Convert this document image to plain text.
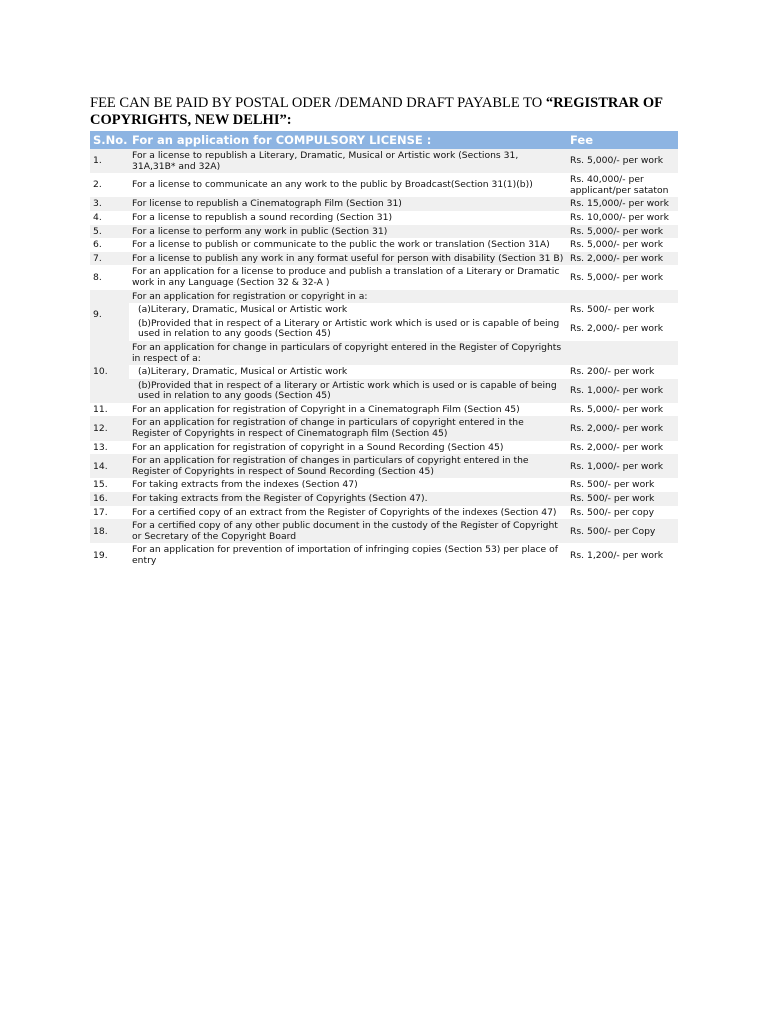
FEE CAN BE PAID BY POSTAL ODER /DEMAND DRAFT PAYABLE TO “REGISTRAR OF COPYRIGHTS, NEW DELHI”:

S.No.	For an application for COMPULSORY LICENSE :	Fee
1.	For a license to republish a Literary, Dramatic, Musical or Artistic work (Sections 31, 31A,31B* and 32A)	Rs. 5,000/- per work
2.	For a license to communicate an any work to the public by Broadcast(Section 31(1)(b))	Rs. 40,000/- per applicant/per sataton
3.	For license to republish a Cinematograph Film (Section 31)	Rs. 15,000/- per work
4.	For a license to republish a sound recording (Section 31)	Rs. 10,000/- per work
5.	For a license to perform any work in public (Section 31)	Rs. 5,000/- per work
6.	For a license to publish or communicate to the public the work or translation (Section 31A)	Rs. 5,000/- per work
7.	For a license to publish any work in any format useful for person with disability (Section 31 B)	Rs. 2,000/- per work
8.	For an application for a license to produce and publish a translation of a Literary or Dramatic work in any Language (Section 32 & 32-A )	Rs. 5,000/- per work
9.	For an application for registration or copyright in a:	
	(a)Literary, Dramatic, Musical or Artistic work	Rs. 500/- per work
	(b)Provided that in respect of a Literary or Artistic work which is used or is capable of being used in relation to any goods (Section 45)	Rs. 2,000/- per work
10.	For an application for change in particulars of copyright entered in the Register of Copyrights in respect of a:	
	(a)Literary, Dramatic, Musical or Artistic work	Rs. 200/- per work
	(b)Provided that in respect of a literary or Artistic work which is used or is capable of being used in relation to any goods (Section 45)	Rs. 1,000/- per work
11.	For an application for registration of Copyright in a Cinematograph Film (Section 45)	Rs. 5,000/- per work
12.	For an application for registration of change in particulars of copyright entered in the Register of Copyrights in respect of Cinematograph film (Section 45)	Rs. 2,000/- per work
13.	For an application for registration of copyright in a Sound Recording (Section 45)	Rs. 2,000/- per work
14.	For an application for registration of changes in particulars of copyright entered in the Register of Copyrights in respect of Sound Recording (Section 45)	Rs. 1,000/- per work
15.	For taking extracts from the indexes (Section 47)	Rs. 500/- per work
16.	For taking extracts from the Register of Copyrights (Section 47).	Rs. 500/- per work
17.	For a certified copy of an extract from the Register of Copyrights of the indexes (Section 47)	Rs. 500/- per copy
18.	For a certified copy of any other public document in the custody of the Register of Copyright or Secretary of the Copyright Board	Rs. 500/- per Copy
19.	For an application for prevention of importation of infringing copies (Section 53) per place of entry	Rs. 1,200/- per work
